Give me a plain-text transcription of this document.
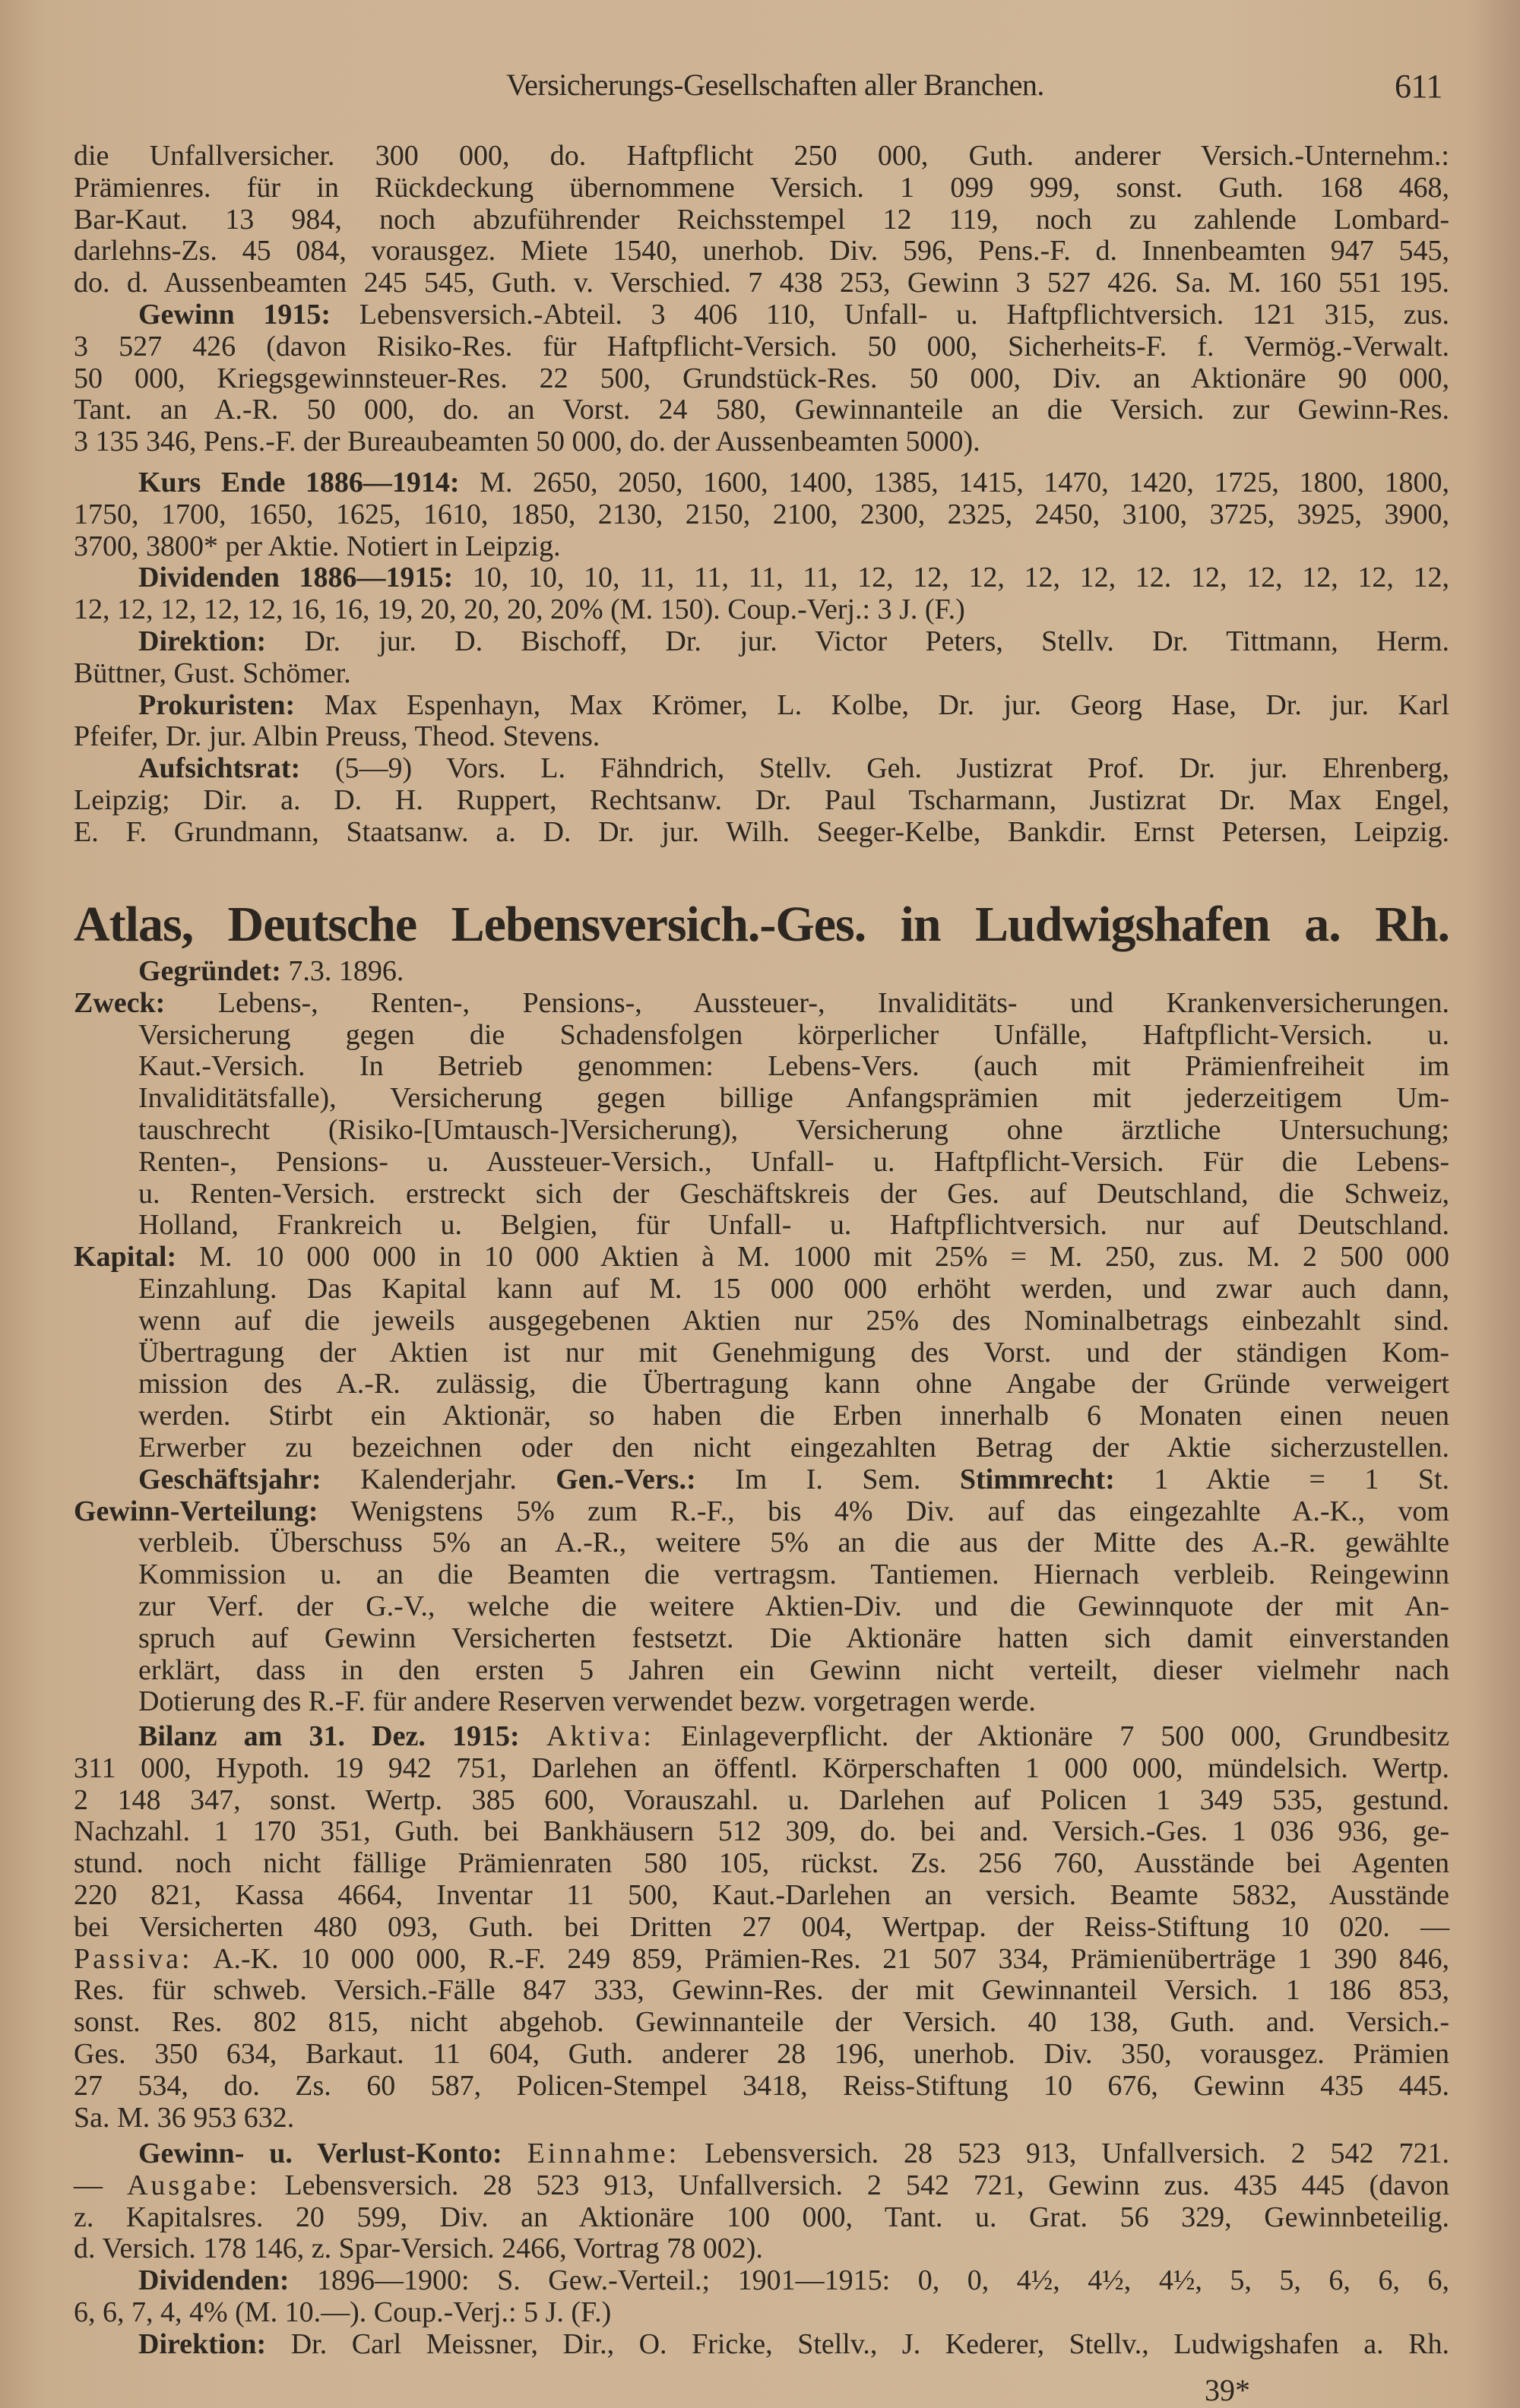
Versicherungs-Gesellschaften aller Branchen.	611
die Unfallversicher. 300 000, do. Haftpflicht 250 000, Guth. anderer Versich.-Unternehm.:
Prämienres. für in Rückdeckung übernommene Versich. 1 099 999, sonst. Guth. 168 468,
Bar-Kaut. 13 984, noch abzuführender Reichsstempel 12 119, noch zu zahlende Lombard-
darlehns-Zs. 45 084, vorausgez. Miete 1540, unerhob. Div. 596, Pens.-F. d. Innenbeamten 947 545,
do. d. Aussenbeamten 245 545, Guth. v. Verschied. 7 438 253, Gewinn 3 527 426. Sa. M. 160 551 195.
Gewinn 1915: Lebensversich.-Abteil. 3 406 110, Unfall- u. Haftpflichtversich. 121 315, zus.
3 527 426 (davon Risiko-Res. für Haftpflicht-Versich. 50 000, Sicherheits-F. f. Vermög.-Verwalt.
50 000, Kriegsgewinnsteuer-Res. 22 500, Grundstück-Res. 50 000, Div. an Aktionäre 90 000,
Tant. an A.-R. 50 000, do. an Vorst. 24 580, Gewinnanteile an die Versich. zur Gewinn-Res.
3 135 346, Pens.-F. der Bureaubeamten 50 000, do. der Aussenbeamten 5000).
Kurs Ende 1886—1914: M. 2650, 2050, 1600, 1400, 1385, 1415, 1470, 1420, 1725, 1800, 1800,
1750, 1700, 1650, 1625, 1610, 1850, 2130, 2150, 2100, 2300, 2325, 2450, 3100, 3725, 3925, 3900,
3700, 3800* per Aktie. Notiert in Leipzig.
Dividenden 1886—1915: 10, 10, 10, 11, 11, 11, 11, 12, 12, 12, 12, 12, 12. 12, 12, 12, 12, 12,
12, 12, 12, 12, 12, 16, 16, 19, 20, 20, 20, 20% (M. 150). Coup.-Verj.: 3 J. (F.)
Direktion: Dr. jur. D. Bischoff, Dr. jur. Victor Peters, Stellv. Dr. Tittmann, Herm.
Büttner, Gust. Schömer.
Prokuristen: Max Espenhayn, Max Krömer, L. Kolbe, Dr. jur. Georg Hase, Dr. jur. Karl
Pfeifer, Dr. jur. Albin Preuss, Theod. Stevens.
Aufsichtsrat: (5—9) Vors. L. Fähndrich, Stellv. Geh. Justizrat Prof. Dr. jur. Ehrenberg,
Leipzig; Dir. a. D. H. Ruppert, Rechtsanw. Dr. Paul Tscharmann, Justizrat Dr. Max Engel,
E. F. Grundmann, Staatsanw. a. D. Dr. jur. Wilh. Seeger-Kelbe, Bankdir. Ernst Petersen, Leipzig.
Atlas, Deutsche Lebensversich.-Ges. in Ludwigshafen a. Rh.
Gegründet: 7.3. 1896.
Zweck: Lebens-, Renten-, Pensions-, Aussteuer-, Invaliditäts- und Krankenversicherungen.
Versicherung gegen die Schadensfolgen körperlicher Unfälle, Haftpflicht-Versich. u.
Kaut.-Versich. In Betrieb genommen: Lebens-Vers. (auch mit Prämienfreiheit im
Invaliditätsfalle), Versicherung gegen billige Anfangsprämien mit jederzeitigem Um-
tauschrecht (Risiko-[Umtausch-]Versicherung), Versicherung ohne ärztliche Untersuchung;
Renten-, Pensions- u. Aussteuer-Versich., Unfall- u. Haftpflicht-Versich. Für die Lebens-
u. Renten-Versich. erstreckt sich der Geschäftskreis der Ges. auf Deutschland, die Schweiz,
Holland, Frankreich u. Belgien, für Unfall- u. Haftpflichtversich. nur auf Deutschland.
Kapital: M. 10 000 000 in 10 000 Aktien à M. 1000 mit 25% = M. 250, zus. M. 2 500 000
Einzahlung. Das Kapital kann auf M. 15 000 000 erhöht werden, und zwar auch dann,
wenn auf die jeweils ausgegebenen Aktien nur 25% des Nominalbetrags einbezahlt sind.
Übertragung der Aktien ist nur mit Genehmigung des Vorst. und der ständigen Kom-
mission des A.-R. zulässig, die Übertragung kann ohne Angabe der Gründe verweigert
werden. Stirbt ein Aktionär, so haben die Erben innerhalb 6 Monaten einen neuen
Erwerber zu bezeichnen oder den nicht eingezahlten Betrag der Aktie sicherzustellen.
Geschäftsjahr: Kalenderjahr. Gen.-Vers.: Im I. Sem. Stimmrecht: 1 Aktie = 1 St.
Gewinn-Verteilung: Wenigstens 5% zum R.-F., bis 4% Div. auf das eingezahlte A.-K., vom
verbleib. Überschuss 5% an A.-R., weitere 5% an die aus der Mitte des A.-R. gewählte
Kommission u. an die Beamten die vertragsm. Tantiemen. Hiernach verbleib. Reingewinn
zur Verf. der G.-V., welche die weitere Aktien-Div. und die Gewinnquote der mit An-
spruch auf Gewinn Versicherten festsetzt. Die Aktionäre hatten sich damit einverstanden
erklärt, dass in den ersten 5 Jahren ein Gewinn nicht verteilt, dieser vielmehr nach
Dotierung des R.-F. für andere Reserven verwendet bezw. vorgetragen werde.
Bilanz am 31. Dez. 1915: Aktiva: Einlageverpflicht. der Aktionäre 7 500 000, Grundbesitz
311 000, Hypoth. 19 942 751, Darlehen an öffentl. Körperschaften 1 000 000, mündelsich. Wertp.
2 148 347, sonst. Wertp. 385 600, Vorauszahl. u. Darlehen auf Policen 1 349 535, gestund.
Nachzahl. 1 170 351, Guth. bei Bankhäusern 512 309, do. bei and. Versich.-Ges. 1 036 936, ge-
stund. noch nicht fällige Prämienraten 580 105, rückst. Zs. 256 760, Ausstände bei Agenten
220 821, Kassa 4664, Inventar 11 500, Kaut.-Darlehen an versich. Beamte 5832, Ausstände
bei Versicherten 480 093, Guth. bei Dritten 27 004, Wertpap. der Reiss-Stiftung 10 020. —
Passiva: A.-K. 10 000 000, R.-F. 249 859, Prämien-Res. 21 507 334, Prämienüberträge 1 390 846,
Res. für schweb. Versich.-Fälle 847 333, Gewinn-Res. der mit Gewinnanteil Versich. 1 186 853,
sonst. Res. 802 815, nicht abgehob. Gewinnanteile der Versich. 40 138, Guth. and. Versich.-
Ges. 350 634, Barkaut. 11 604, Guth. anderer 28 196, unerhob. Div. 350, vorausgez. Prämien
27 534, do. Zs. 60 587, Policen-Stempel 3418, Reiss-Stiftung 10 676, Gewinn 435 445.
Sa. M. 36 953 632.
Gewinn- u. Verlust-Konto: Einnahme: Lebensversich. 28 523 913, Unfallversich. 2 542 721.
— Ausgabe: Lebensversich. 28 523 913, Unfallversich. 2 542 721, Gewinn zus. 435 445 (davon
z. Kapitalsres. 20 599, Div. an Aktionäre 100 000, Tant. u. Grat. 56 329, Gewinnbeteilig.
d. Versich. 178 146, z. Spar-Versich. 2466, Vortrag 78 002).
Dividenden: 1896—1900: S. Gew.-Verteil.; 1901—1915: 0, 0, 4½, 4½, 4½, 5, 5, 6, 6, 6,
6, 6, 7, 4, 4% (M. 10.—). Coup.-Verj.: 5 J. (F.)
Direktion: Dr. Carl Meissner, Dir., O. Fricke, Stellv., J. Kederer, Stellv., Ludwigshafen a. Rh.
39*
